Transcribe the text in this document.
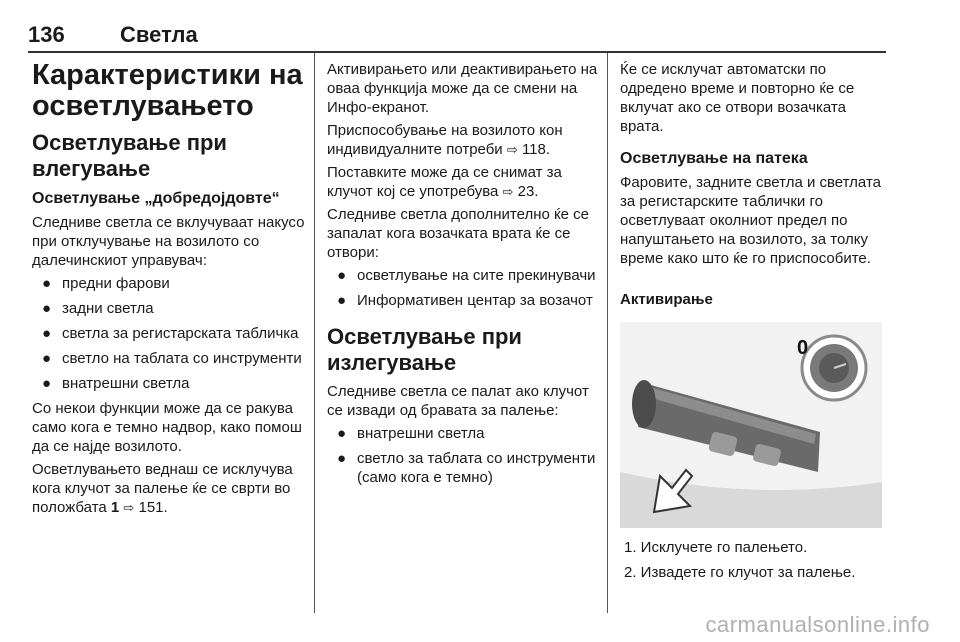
136	Светла
Карактеристики на осветлувањето
Осветлување при влегување
Осветлување „добредојдовте“

Следниве светла се вклучуваат накусо при отклучување на возилото со далечинскиот управувач:

● предни фарови
● задни светла
● светла за регистарската табличка
● светло на таблата со инструменти
● внатрешни светла

Со некои функции може да се ракува само кога е темно надвор, како помош да се најде возилото.

Осветлувањето веднаш се исклучува кога клучот за палење ќе се сврти во положбата 1 ⇨ 151.

Активирањето или деактивирањето на оваа функција може да се смени на Инфо-екранот.

Приспособување на возилото кон индивидуалните потреби ⇨ 118.

Поставките може да се снимат за клучот кој се употребува ⇨ 23.

Следниве светла дополнително ќе се запалат кога возачката врата ќе се отвори:

● осветлување на сите прекинувачи
● Информативен центар за возачот
Осветлување при излегување

Следниве светла се палат ако клучот се извади од бравата за палење:

● внатрешни светла
● светло за таблата со инструменти (само кога е темно)

Ќе се исклучат автоматски по одредено време и повторно ќе се вклучат ако се отвори возачката врата.

Осветлување на патека

Фаровите, задните светла и светлата за регистарските таблички го осветлуваат околниот предел по напуштањето на возилото, за толку време како што ќе го приспособите.

Активирање
0
1. Исклучете го палењето.
2. Извадете го клучот за палење.
carmanualsonline.info
